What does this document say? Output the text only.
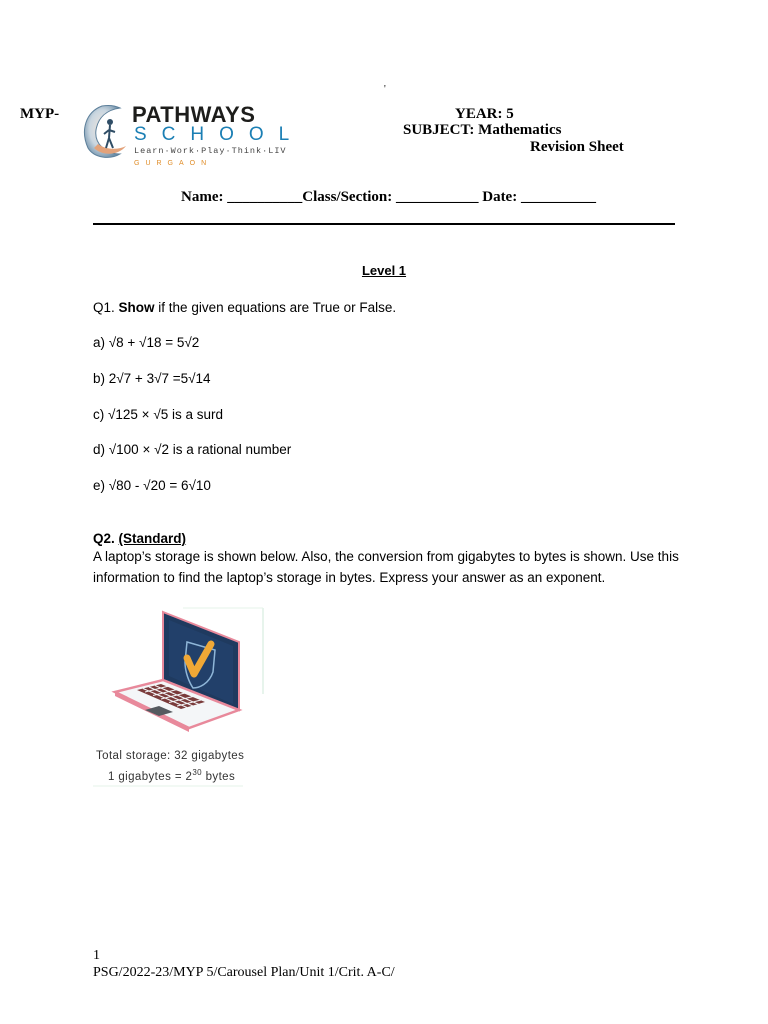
MYP-	PATHWAYS
SCHOOL
Learn·Work·Play·Think·LIV
GURGAON
'
YEAR: 5
SUBJECT: Mathematics
Revision Sheet
Name: __________Class/Section: ___________ Date: __________
Level 1
Q1. Show if the given equations are True or False.
a) √8 + √18 = 5√2
b) 2√7 + 3√7 =5√14
c) √125 × √5 is a surd
d) √100 × √2 is a rational number
e) √80 - √20 = 6√10
Q2. (Standard)
A laptop’s storage is shown below. Also, the conversion from gigabytes to bytes is shown. Use this information to find the laptop’s storage in bytes. Express your answer as an exponent.
Total storage: 32 gigabytes
1 gigabytes = $2^{30}$ bytes
1
PSG/2022-23/MYP 5/Carousel Plan/Unit 1/Crit. A-C/
